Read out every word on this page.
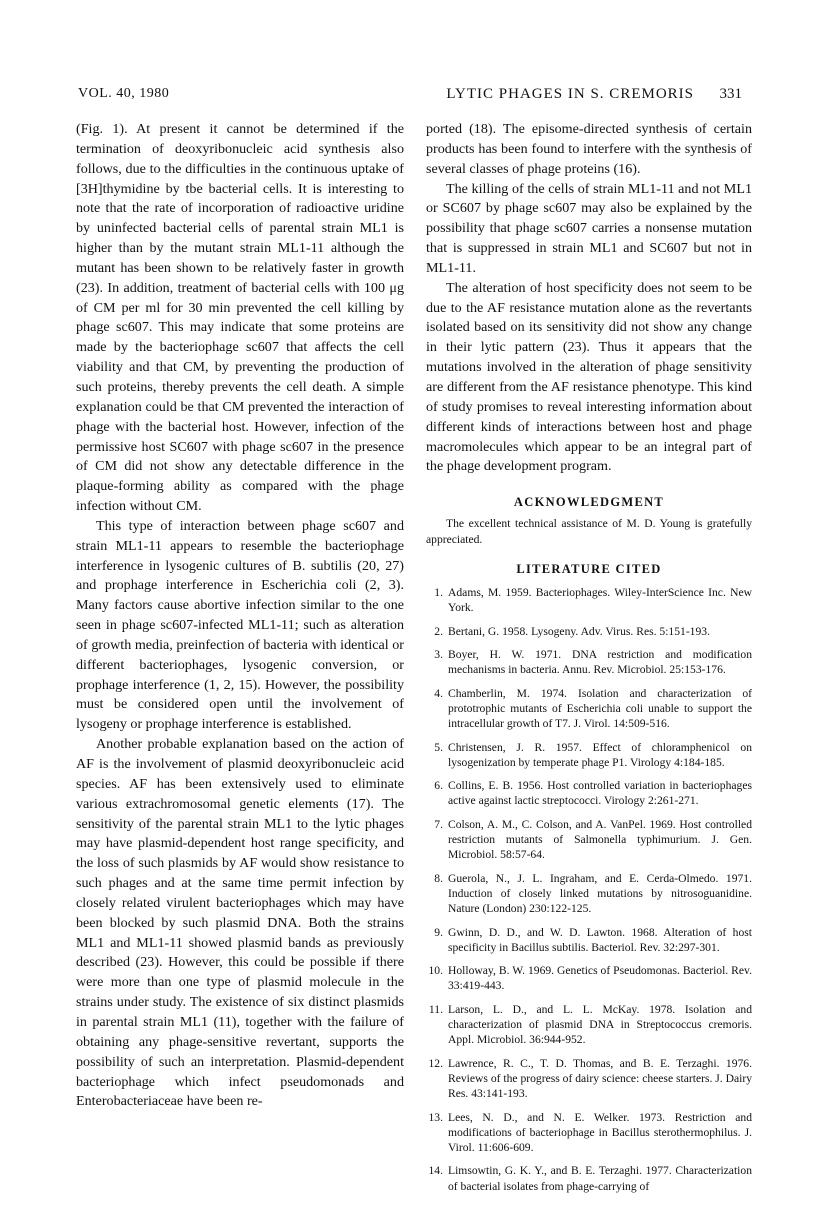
VOL. 40, 1980	LYTIC PHAGES IN S. CREMORIS 331

(Fig. 1). At present it cannot be determined if the termination of deoxyribonucleic acid synthesis also follows, due to the difficulties in the continuous uptake of [3H]thymidine by tbe bacterial cells. It is interesting to note that the rate of incorporation of radioactive uridine by uninfected bacterial cells of parental strain ML1 is higher than by the mutant strain ML1-11 although the mutant has been shown to be relatively faster in growth (23). In addition, treatment of bacterial cells with 100 μg of CM per ml for 30 min prevented the cell killing by phage sc607. This may indicate that some proteins are made by the bacteriophage sc607 that affects the cell viability and that CM, by preventing the production of such proteins, thereby prevents the cell death. A simple explanation could be that CM prevented the interaction of phage with the bacterial host. However, infection of the permissive host SC607 with phage sc607 in the presence of CM did not show any detectable difference in the plaque-forming ability as compared with the phage infection without CM.

This type of interaction between phage sc607 and strain ML1-11 appears to resemble the bacteriophage interference in lysogenic cultures of B. subtilis (20, 27) and prophage interference in Escherichia coli (2, 3). Many factors cause abortive infection similar to the one seen in phage sc607-infected ML1-11; such as alteration of growth media, preinfection of bacteria with identical or different bacteriophages, lysogenic conversion, or prophage interference (1, 2, 15). However, the possibility must be considered open until the involvement of lysogeny or prophage interference is established.

Another probable explanation based on the action of AF is the involvement of plasmid deoxyribonucleic acid species. AF has been extensively used to eliminate various extrachromosomal genetic elements (17). The sensitivity of the parental strain ML1 to the lytic phages may have plasmid-dependent host range specificity, and the loss of such plasmids by AF would show resistance to such phages and at the same time permit infection by closely related virulent bacteriophages which may have been blocked by such plasmid DNA. Both the strains ML1 and ML1-11 showed plasmid bands as previously described (23). However, this could be possible if there were more than one type of plasmid molecule in the strains under study. The existence of six distinct plasmids in parental strain ML1 (11), together with the failure of obtaining any phage-sensitive revertant, supports the possibility of such an interpretation. Plasmid-dependent bacteriophage which infect pseudomonads and Enterobacteriaceae have been re-

ported (18). The episome-directed synthesis of certain products has been found to interfere with the synthesis of several classes of phage proteins (16).

The killing of the cells of strain ML1-11 and not ML1 or SC607 by phage sc607 may also be explained by the possibility that phage sc607 carries a nonsense mutation that is suppressed in strain ML1 and SC607 but not in ML1-11.

The alteration of host specificity does not seem to be due to the AF resistance mutation alone as the revertants isolated based on its sensitivity did not show any change in their lytic pattern (23). Thus it appears that the mutations involved in the alteration of phage sensitivity are different from the AF resistance phenotype. This kind of study promises to reveal interesting information about different kinds of interactions between host and phage macromolecules which appear to be an integral part of the phage development program.

ACKNOWLEDGMENT

The excellent technical assistance of M. D. Young is gratefully appreciated.

LITERATURE CITED
1 . Adams, M. 1959. Bacteriophages. Wiley-InterScience Inc. New York.
2 . Bertani, G. 1958. Lysogeny. Adv. Virus. Res. 5:151-193.
3 . Boyer, H. W. 1971. DNA restriction and modification mechanisms in bacteria. Annu. Rev. Microbiol. 25:153-176.
4 . Chamberlin, M. 1974. Isolation and characterization of prototrophic mutants of Escherichia coli unable to support the intracellular growth of T7. J. Virol. 14:509-516.
5 . Christensen, J. R. 1957. Effect of chloramphenicol on lysogenization by temperate phage P1. Virology 4:184-185.
6 . Collins, E. B. 1956. Host controlled variation in bacteriophages active against lactic streptococci. Virology 2:261-271.
7 . Colson, A. M., C. Colson, and A. VanPel. 1969. Host controlled restriction mutants of Salmonella typhimurium. J. Gen. Microbiol. 58:57-64.
8 . Guerola, N., J. L. Ingraham, and E. Cerda-Olmedo. 1971. Induction of closely linked mutations by nitrosoguanidine. Nature (London) 230:122-125.
9 . Gwinn, D. D., and W. D. Lawton. 1968. Alteration of host specificity in Bacillus subtilis. Bacteriol. Rev. 32:297-301.
10 . Holloway, B. W. 1969. Genetics of Pseudomonas. Bacteriol. Rev. 33:419-443.
11 . Larson, L. D., and L. L. McKay. 1978. Isolation and characterization of plasmid DNA in Streptococcus cremoris. Appl. Microbiol. 36:944-952.
12 . Lawrence, R. C., T. D. Thomas, and B. E. Terzaghi. 1976. Reviews of the progress of dairy science: cheese starters. J. Dairy Res. 43:141-193.
13 . Lees, N. D., and N. E. Welker. 1973. Restriction and modifications of bacteriophage in Bacillus sterothermophilus. J. Virol. 11:606-609.
14 . Limsowtin, G. K. Y., and B. E. Terzaghi. 1977. Characterization of bacterial isolates from phage-carrying of
